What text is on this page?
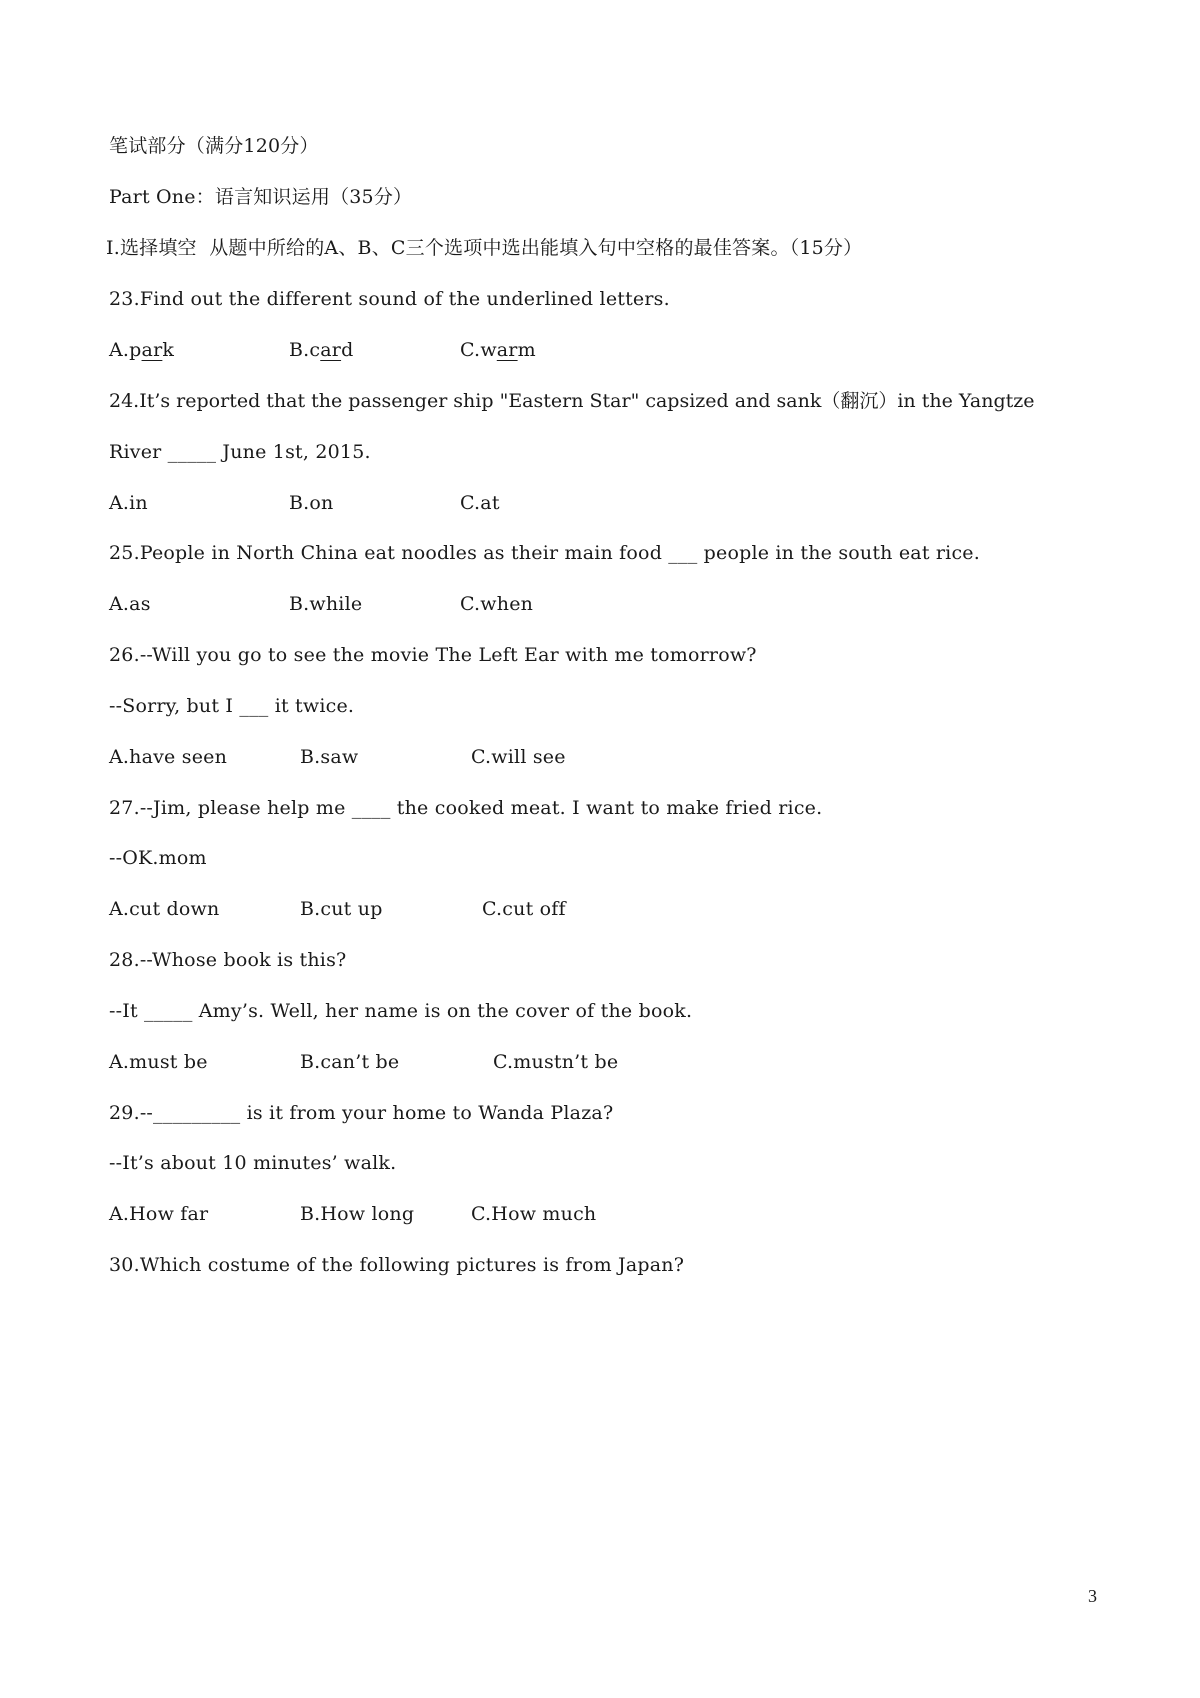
笔试部分（满分120分）
Part One：语言知识运用（35分）
Ⅰ.选择填空  从题中所给的A、B、C三个选项中选出能填入句中空格的最佳答案。（15分）
23.Find out the different sound of the underlined letters.

A.park

	B.card

	C.warm

24.It’s reported that the passenger ship "Eastern Star" capsized and sank（翻沉）in the Yangtze
River _____ June 1st, 2015.

A.in

	B.on

	C.at

25.People in North China eat noodles as their main food ___ people in the south eat rice.

A.as

	B.while

	C.when

26.--Will you go to see the movie The Left Ear with me tomorrow?
--Sorry, but I ___ it twice.

A.have seen

	B.saw

	C.will see

27.--Jim, please help me ____ the cooked meat. I want to make fried rice.
--OK.mom

A.cut down

	B.cut up

	C.cut off

28.--Whose book is this?
--It _____ Amy’s. Well, her name is on the cover of the book.

A.must be

	B.can’t be

	C.mustn’t be

29.--_________ is it from your home to Wanda Plaza?
--It’s about 10 minutes’ walk.

A.How far

	B.How long

	C.How much

30.Which costume of the following pictures is from Japan?
3
